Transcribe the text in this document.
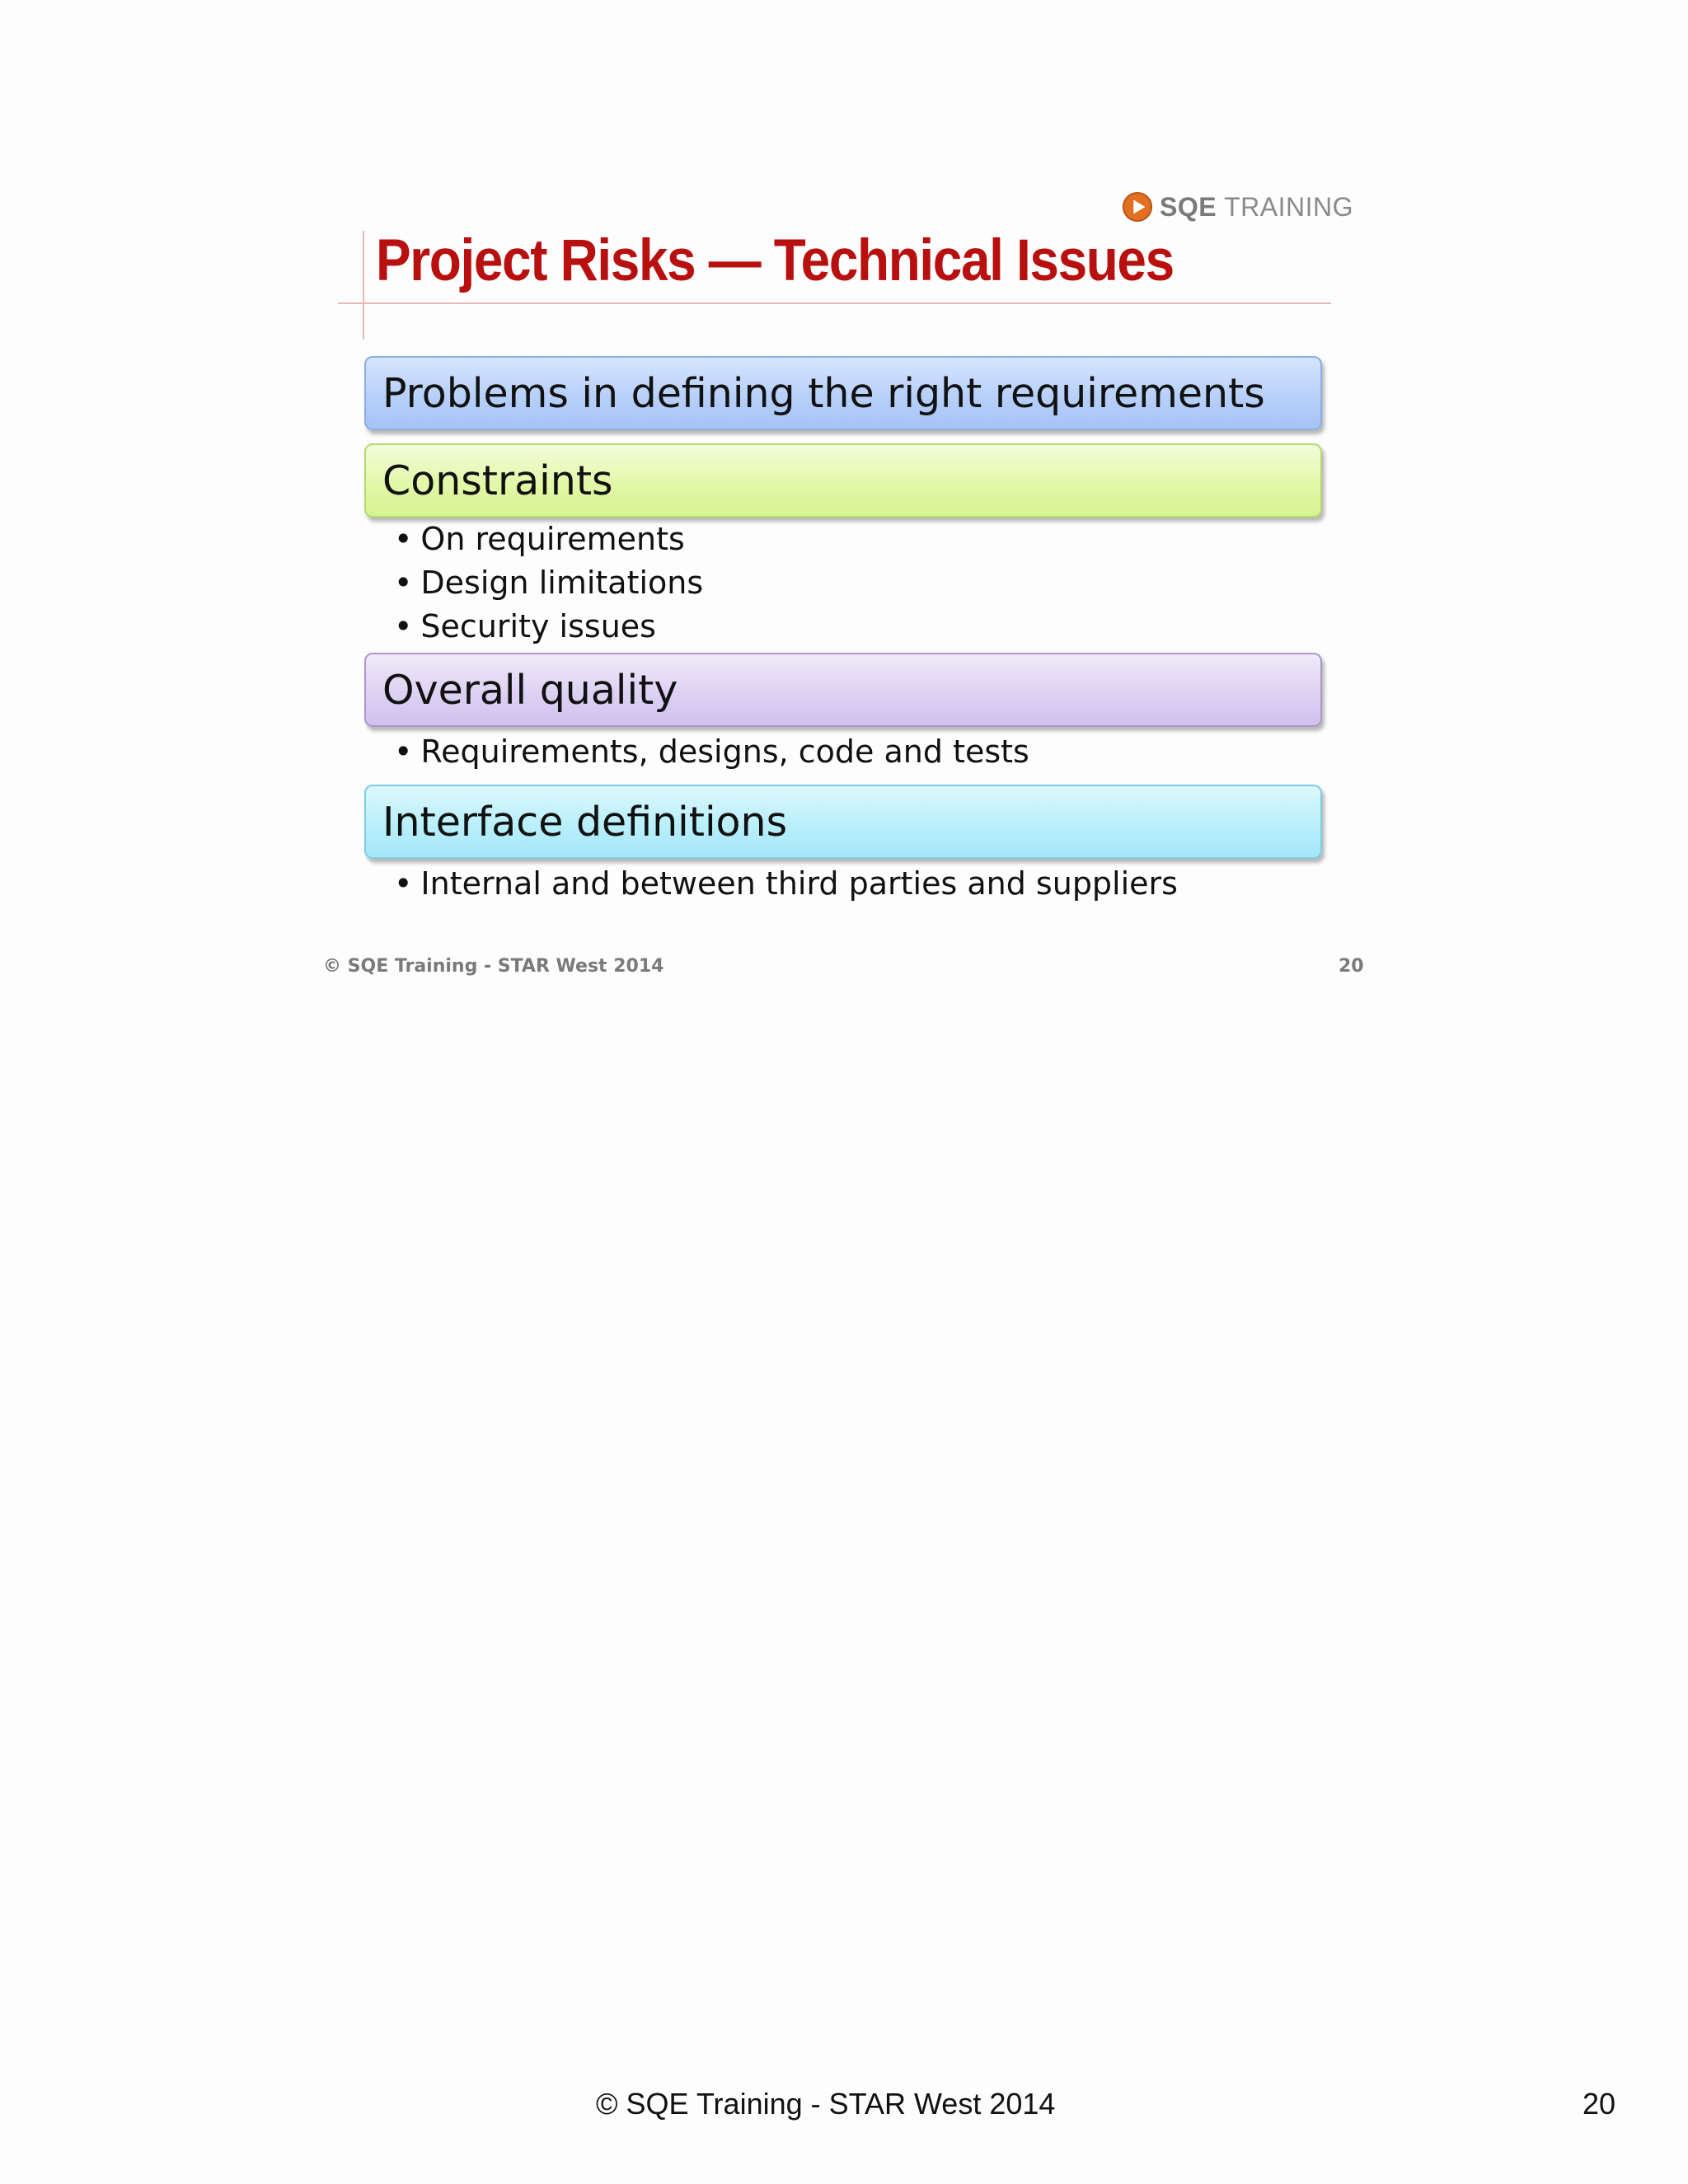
SQE TRAINING
Project Risks — Technical Issues
Problems in defining the right requirements
Constraints
• On requirements
• Design limitations
• Security issues
Overall quality
• Requirements, designs, code and tests
Interface definitions
• Internal and between third parties and suppliers
© SQE Training - STAR West 2014	20
© SQE Training - STAR West 2014	20
